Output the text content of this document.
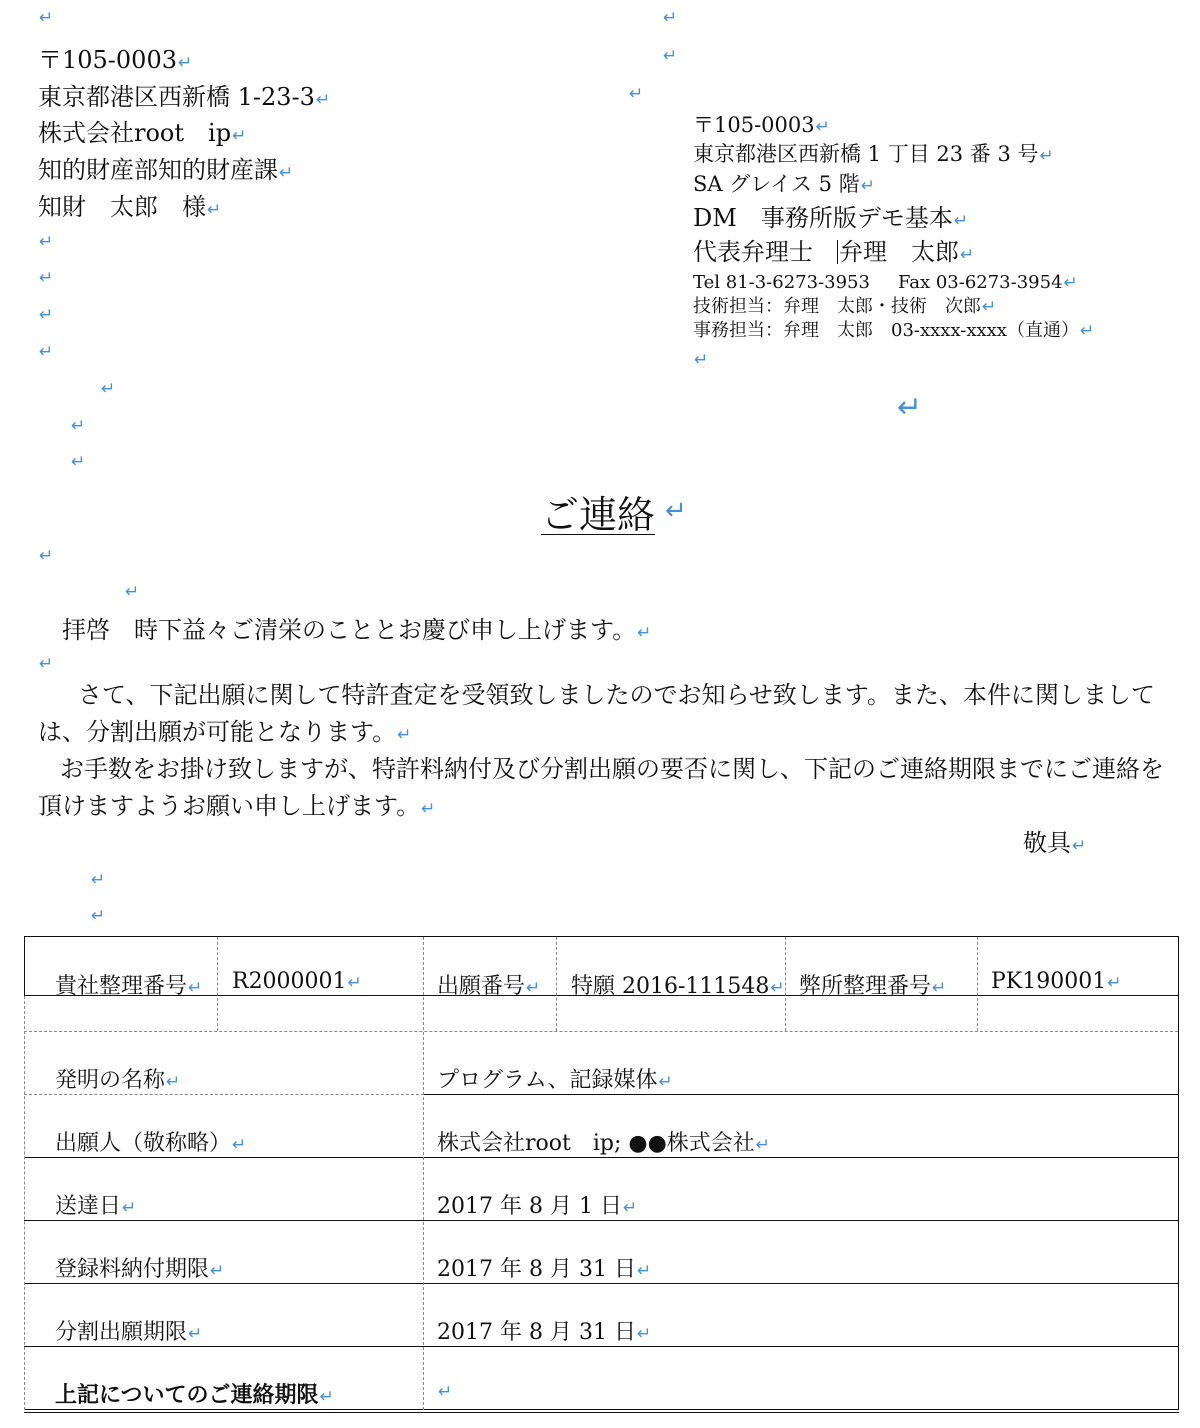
↵	↵
↵
↵
〒105-0003↵
東京都港区西新橋 1-23-3↵
株式会社root　ip↵
知的財産部知的財産課↵
知財　太郎　様↵
↵
↵
↵
↵
↵
↵
↵
〒105-0003↵
東京都港区西新橋 1 丁目 23 番 3 号↵
SA グレイス 5 階↵
DM　事務所版デモ基本↵
代表弁理士　弁理　太郎↵
Tel 81-3-6273-3953 Fax 03-6273-3954↵
技術担当：弁理　太郎・技術　次郎↵
事務担当：弁理　太郎　03-xxxx-xxxx（直通）↵
↵
↵
ご連絡 ↵
↵
↵
拝啓　時下益々ご清栄のこととお慶び申し上げます。↵
↵
さて、下記出願に関して特許査定を受領致しましたのでお知らせ致します。また、本件に関しましては、分割出願が可能となります。↵
お手数をお掛け致しますが、特許料納付及び分割出願の要否に関し、下記のご連絡期限までにご連絡を頂けますようお願い申し上げます。↵
敬具↵
↵
↵
貴社整理番号↵ R2000001↵	出願番号↵ 特願 2016-111548↵ 弊所整理番号↵ PK190001↵
発明の名称↵	プログラム、記録媒体↵
出願人（敬称略）↵	株式会社root　ip; ●●株式会社↵
送達日↵	2017 年 8 月 1 日↵
登録料納付期限↵	2017 年 8 月 31 日↵
分割出願期限↵	2017 年 8 月 31 日↵
上記についてのご連絡期限↵	↵
